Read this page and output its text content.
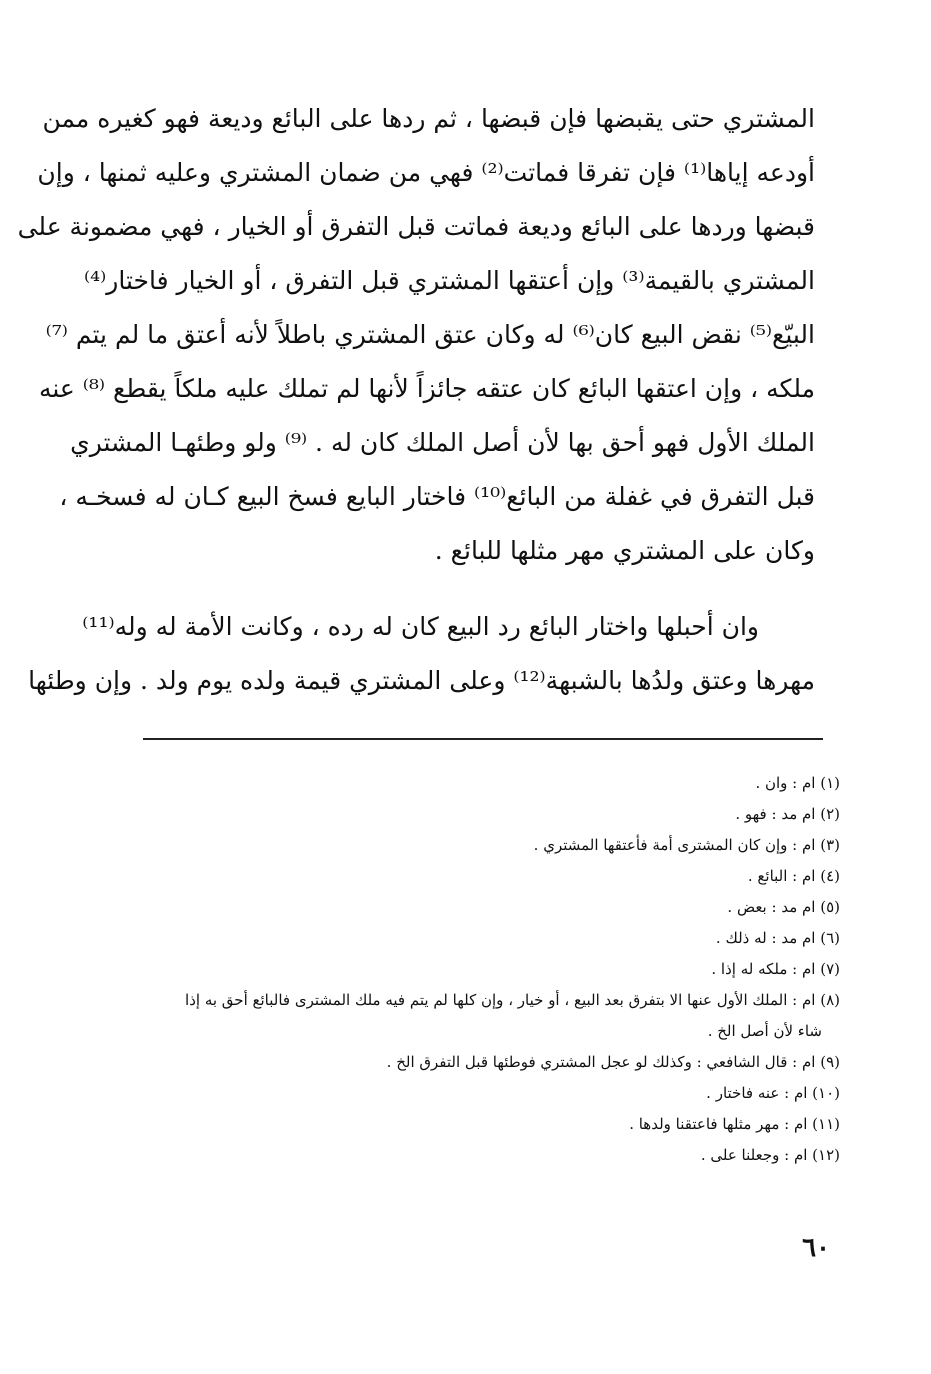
المشتري حتى يقبضها فإن قبضها ، ثم ردها على البائع وديعة فهو كغيره ممن
أودعه إياها⁽¹⁾ فإن تفرقا فماتت⁽²⁾ فهي من ضمان المشتري وعليه ثمنها ، وإن
قبضها وردها على البائع وديعة فماتت قبل التفرق أو الخيار ، فهي مضمونة على
المشتري بالقيمة⁽³⁾ وإن أعتقها المشتري قبل التفرق ، أو الخيار فاختار⁽⁴⁾
البيّع⁽⁵⁾ نقض البيع كان⁽⁶⁾ له وكان عتق المشتري باطلاً لأنه أعتق ما لم يتم ⁽⁷⁾
ملكه ، وإن اعتقها البائع كان عتقه جائزاً لأنها لم تملك عليه ملكاً يقطع ⁽⁸⁾ عنه
الملك الأول فهو أحق بها لأن أصل الملك كان له . ⁽⁹⁾ ولو وطئهـا المشتري
قبل التفرق في غفلة من البائع⁽¹⁰⁾ فاختار البايع فسخ البيع كـان له فسخـه ،
وكان على المشتري مهر مثلها للبائع .
وان أحبلها واختار البائع رد البيع كان له رده ، وكانت الأمة له وله⁽¹¹⁾
مهرها وعتق ولدُها بالشبهة⁽¹²⁾ وعلى المشتري قيمة ولده يوم ولد . وإن وطئها
(١) ام : وان .
(٢) ام مد : فهو .
(٣) ام : وإن كان المشترى أمة فأعتقها المشتري .
(٤) ام : البائع .
(٥) ام مد : بعض .
(٦) ام مد : له ذلك .
(٧) ام : ملكه له إذا .
(٨) ام : الملك الأول عنها الا بتفرق بعد البيع ، أو خيار ، وإن كلها لم يتم فيه ملك المشترى فالبائع أحق به إذا
شاء لأن أصل الخ .
(٩) ام : قال الشافعي : وكذلك لو عجل المشتري فوطئها قبل التفرق الخ .
(١٠) ام : عنه فاختار .
(١١) ام : مهر مثلها فاعتقنا ولدها .
(١٢) ام : وجعلنا على .
٦٠
